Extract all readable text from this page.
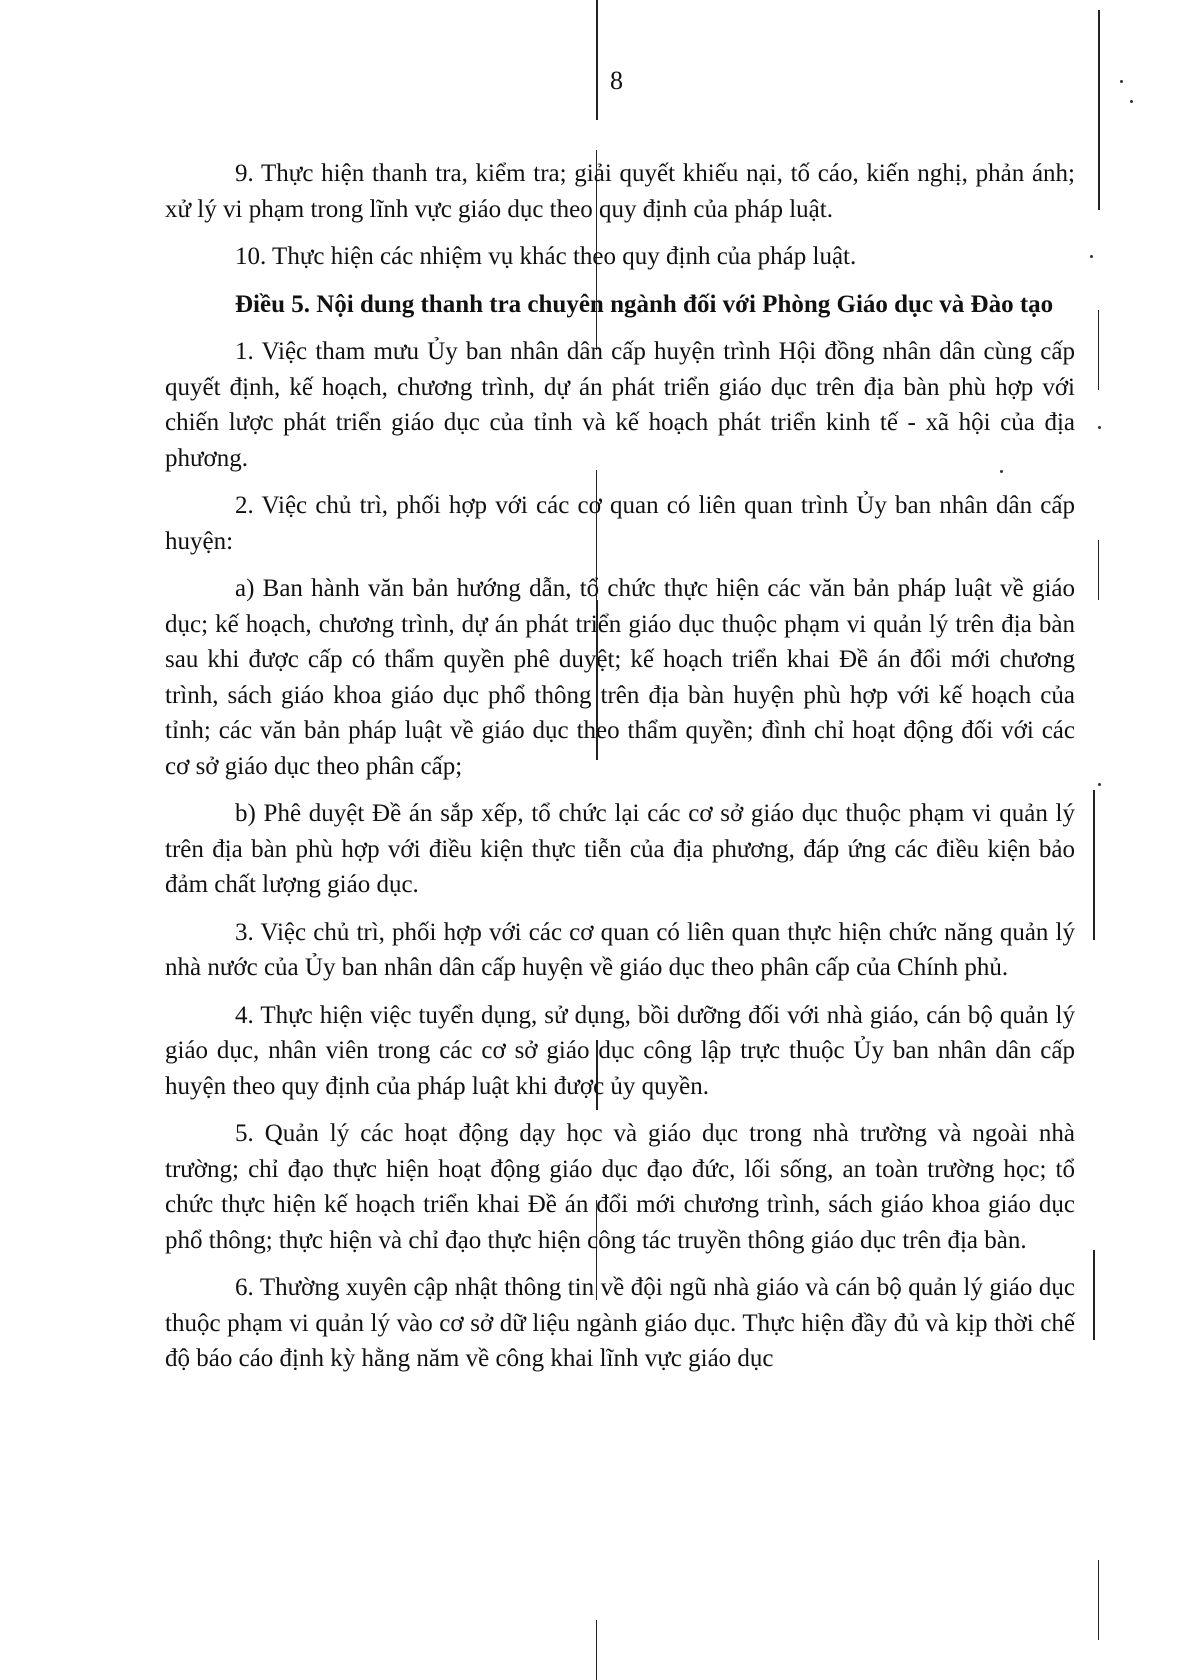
8

9. Thực hiện thanh tra, kiểm tra; giải quyết khiếu nại, tố cáo, kiến nghị, phản ánh; xử lý vi phạm trong lĩnh vực giáo dục theo quy định của pháp luật.

10. Thực hiện các nhiệm vụ khác theo quy định của pháp luật.

Điều 5. Nội dung thanh tra chuyên ngành đối với Phòng Giáo dục và Đào tạo

1. Việc tham mưu Ủy ban nhân dân cấp huyện trình Hội đồng nhân dân cùng cấp quyết định, kế hoạch, chương trình, dự án phát triển giáo dục trên địa bàn phù hợp với chiến lược phát triển giáo dục của tỉnh và kế hoạch phát triển kinh tế - xã hội của địa phương.

2. Việc chủ trì, phối hợp với các cơ quan có liên quan trình Ủy ban nhân dân cấp huyện:

a) Ban hành văn bản hướng dẫn, tổ chức thực hiện các văn bản pháp luật về giáo dục; kế hoạch, chương trình, dự án phát triển giáo dục thuộc phạm vi quản lý trên địa bàn sau khi được cấp có thẩm quyền phê duyệt; kế hoạch triển khai Đề án đổi mới chương trình, sách giáo khoa giáo dục phổ thông trên địa bàn huyện phù hợp với kế hoạch của tỉnh; các văn bản pháp luật về giáo dục theo thẩm quyền; đình chỉ hoạt động đối với các cơ sở giáo dục theo phân cấp;

b) Phê duyệt Đề án sắp xếp, tổ chức lại các cơ sở giáo dục thuộc phạm vi quản lý trên địa bàn phù hợp với điều kiện thực tiễn của địa phương, đáp ứng các điều kiện bảo đảm chất lượng giáo dục.

3. Việc chủ trì, phối hợp với các cơ quan có liên quan thực hiện chức năng quản lý nhà nước của Ủy ban nhân dân cấp huyện về giáo dục theo phân cấp của Chính phủ.

4. Thực hiện việc tuyển dụng, sử dụng, bồi dưỡng đối với nhà giáo, cán bộ quản lý giáo dục, nhân viên trong các cơ sở giáo dục công lập trực thuộc Ủy ban nhân dân cấp huyện theo quy định của pháp luật khi được ủy quyền.

5. Quản lý các hoạt động dạy học và giáo dục trong nhà trường và ngoài nhà trường; chỉ đạo thực hiện hoạt động giáo dục đạo đức, lối sống, an toàn trường học; tổ chức thực hiện kế hoạch triển khai Đề án đổi mới chương trình, sách giáo khoa giáo dục phổ thông; thực hiện và chỉ đạo thực hiện công tác truyền thông giáo dục trên địa bàn.

6. Thường xuyên cập nhật thông tin về đội ngũ nhà giáo và cán bộ quản lý giáo dục thuộc phạm vi quản lý vào cơ sở dữ liệu ngành giáo dục. Thực hiện đầy đủ và kịp thời chế độ báo cáo định kỳ hằng năm về công khai lĩnh vực giáo dục
